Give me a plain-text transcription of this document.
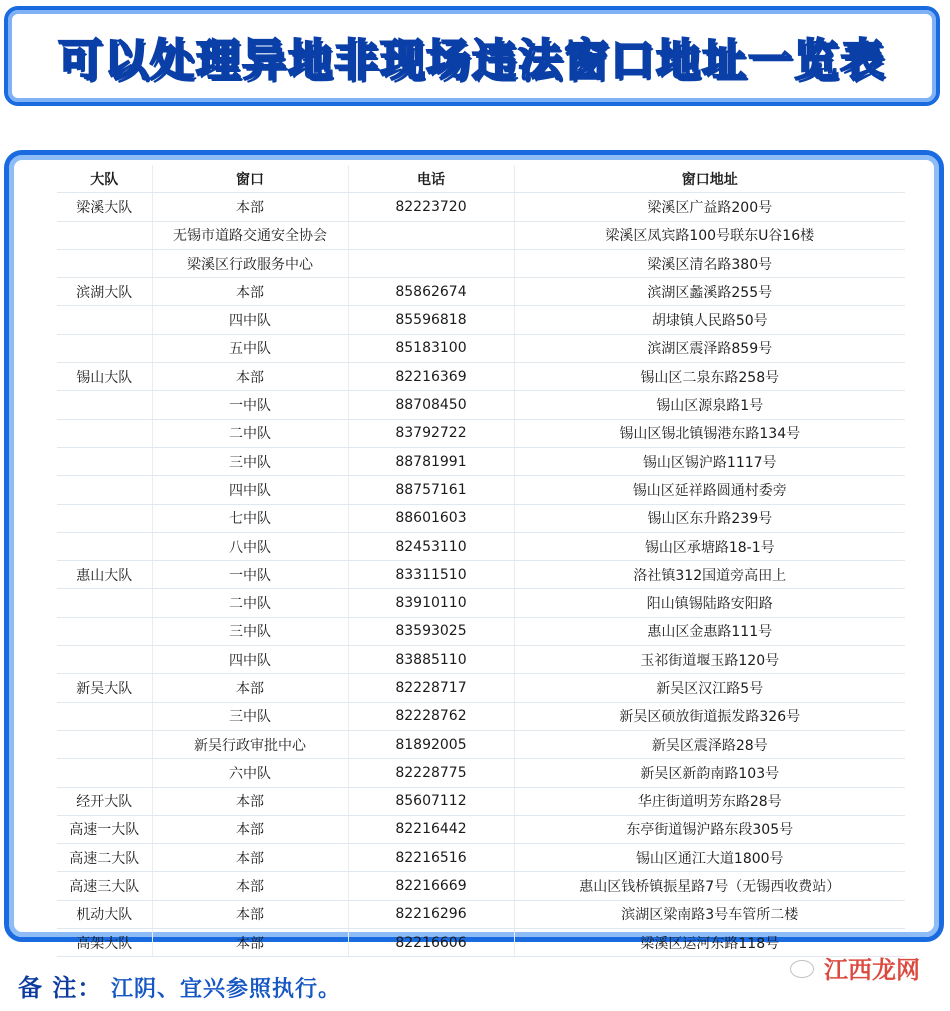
可以处理异地非现场违法窗口地址一览表
大队	窗口	电话	窗口地址
梁溪大队	本部	82223720	梁溪区广益路200号
	无锡市道路交通安全协会		梁溪区凤宾路100号联东U谷16楼
	梁溪区行政服务中心		梁溪区清名路380号
滨湖大队	本部	85862674	滨湖区蠡溪路255号
	四中队	85596818	胡埭镇人民路50号
	五中队	85183100	滨湖区震泽路859号
锡山大队	本部	82216369	锡山区二泉东路258号
	一中队	88708450	锡山区源泉路1号
	二中队	83792722	锡山区锡北镇锡港东路134号
	三中队	88781991	锡山区锡沪路1117号
	四中队	88757161	锡山区延祥路圆通村委旁
	七中队	88601603	锡山区东升路239号
	八中队	82453110	锡山区承塘路18-1号
惠山大队	一中队	83311510	洛社镇312国道旁高田上
	二中队	83910110	阳山镇锡陆路安阳路
	三中队	83593025	惠山区金惠路111号
	四中队	83885110	玉祁街道堰玉路120号
新吴大队	本部	82228717	新吴区汉江路5号
	三中队	82228762	新吴区硕放街道振发路326号
	新吴行政审批中心	81892005	新吴区震泽路28号
	六中队	82228775	新吴区新韵南路103号
经开大队	本部	85607112	华庄街道明芳东路28号
高速一大队	本部	82216442	东亭街道锡沪路东段305号
高速二大队	本部	82216516	锡山区通江大道1800号
高速三大队	本部	82216669	惠山区钱桥镇振星路7号（无锡西收费站）
机动大队	本部	82216296	滨湖区梁南路3号车管所二楼
高架大队	本部	82216606	梁溪区运河东路118号
备 注： 江阴、宜兴参照执行。
江西龙网
